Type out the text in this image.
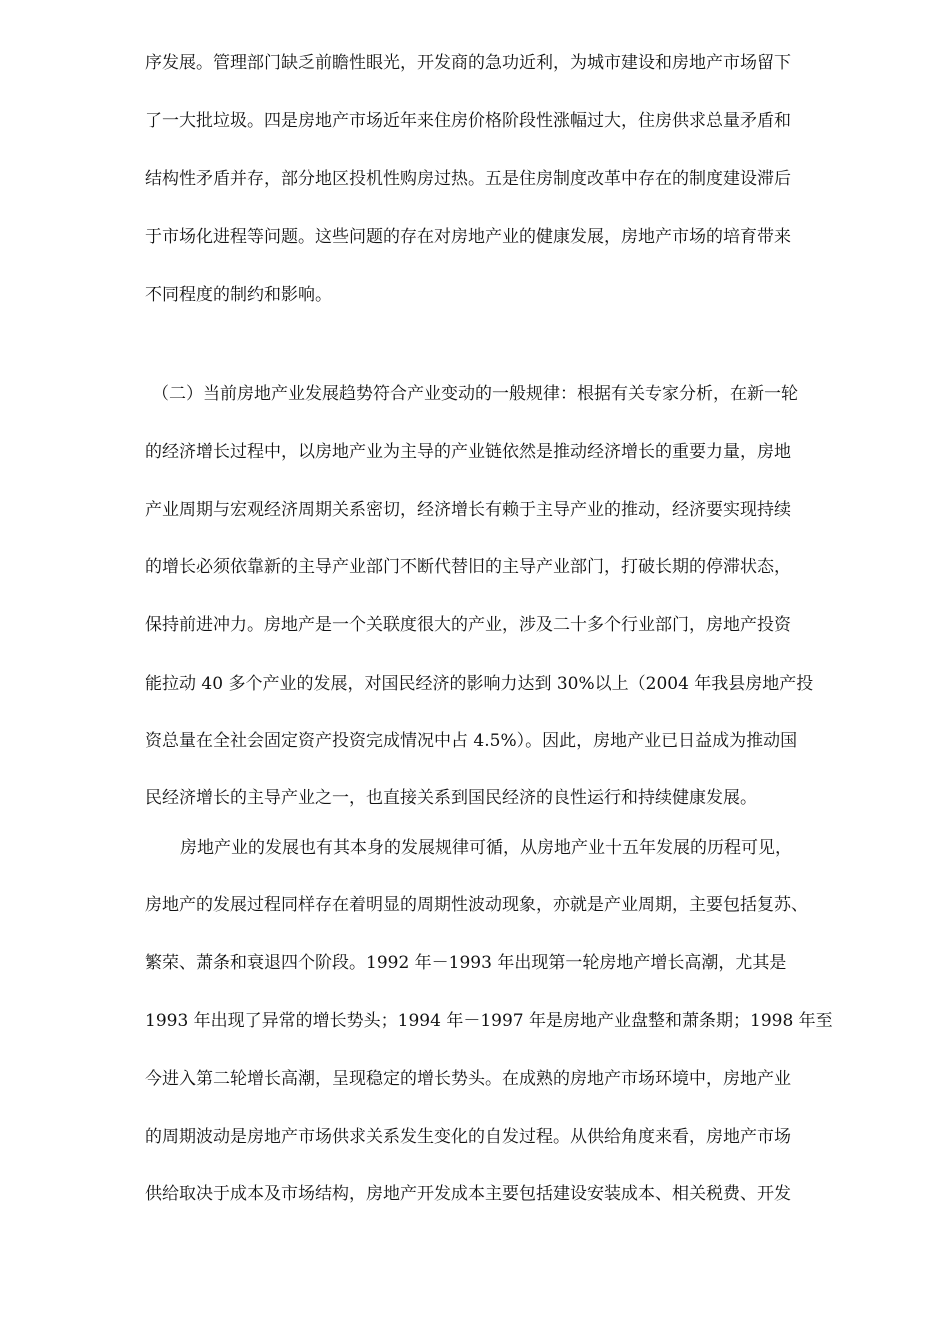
序发展。管理部门缺乏前瞻性眼光，开发商的急功近利，为城市建设和房地产市场留下
了一大批垃圾。四是房地产市场近年来住房价格阶段性涨幅过大，住房供求总量矛盾和
结构性矛盾并存，部分地区投机性购房过热。五是住房制度改革中存在的制度建设滞后
于市场化进程等问题。这些问题的存在对房地产业的健康发展，房地产市场的培育带来
不同程度的制约和影响。
（二）当前房地产业发展趋势符合产业变动的一般规律：根据有关专家分析，在新一轮
的经济增长过程中，以房地产业为主导的产业链依然是推动经济增长的重要力量，房地
产业周期与宏观经济周期关系密切，经济增长有赖于主导产业的推动，经济要实现持续
的增长必须依靠新的主导产业部门不断代替旧的主导产业部门，打破长期的停滞状态，
保持前进冲力。房地产是一个关联度很大的产业，涉及二十多个行业部门，房地产投资
能拉动 40 多个产业的发展，对国民经济的影响力达到 30%以上（2004 年我县房地产投
资总量在全社会固定资产投资完成情况中占 4.5%）。因此，房地产业已日益成为推动国
民经济增长的主导产业之一，也直接关系到国民经济的良性运行和持续健康发展。
房地产业的发展也有其本身的发展规律可循，从房地产业十五年发展的历程可见，
房地产的发展过程同样存在着明显的周期性波动现象，亦就是产业周期，主要包括复苏、
繁荣、萧条和衰退四个阶段。1992 年－1993 年出现第一轮房地产增长高潮，尤其是
1993 年出现了异常的增长势头；1994 年－1997 年是房地产业盘整和萧条期；1998 年至
今进入第二轮增长高潮，呈现稳定的增长势头。在成熟的房地产市场环境中，房地产业
的周期波动是房地产市场供求关系发生变化的自发过程。从供给角度来看，房地产市场
供给取决于成本及市场结构，房地产开发成本主要包括建设安装成本、相关税费、开发
